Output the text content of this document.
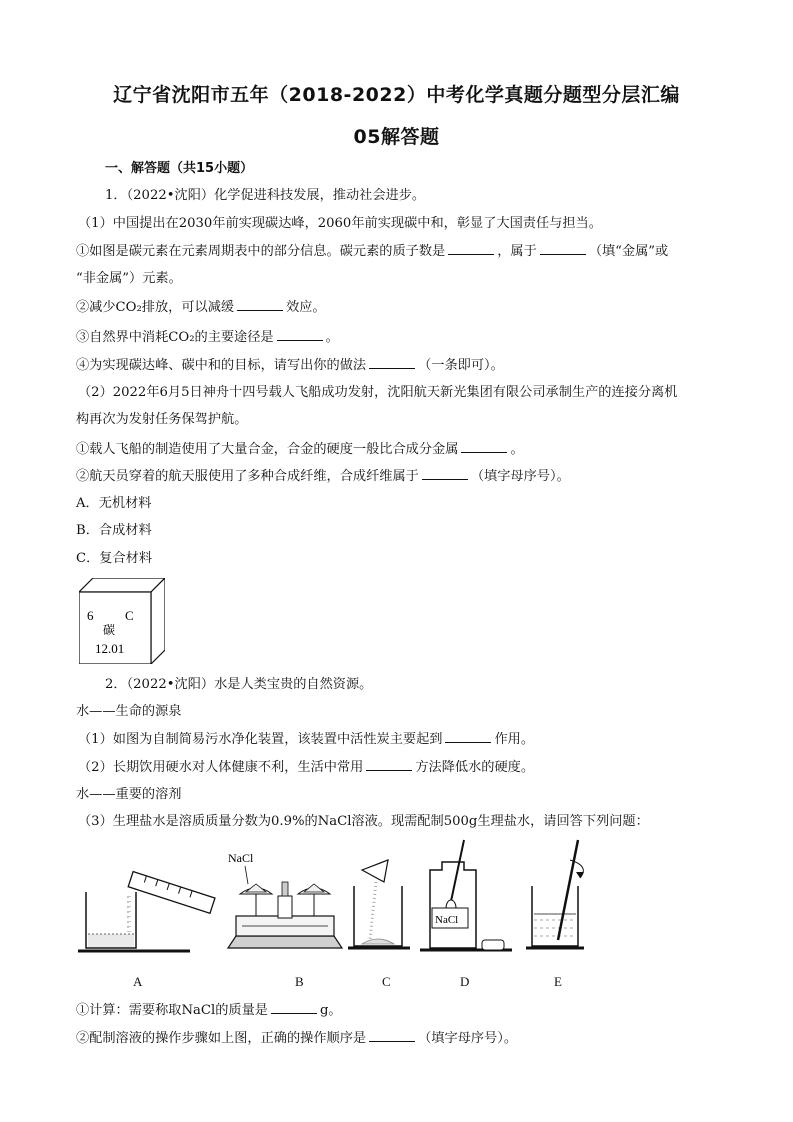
辽宁省沈阳市五年（2018-2022）中考化学真题分题型分层汇编
05解答题
一、解答题（共15小题）
1．（2022•沈阳）化学促进科技发展，推动社会进步。
（1）中国提出在2030年前实现碳达峰，2060年前实现碳中和，彰显了大国责任与担当。
①如图是碳元素在元素周期表中的部分信息。碳元素的质子数是	，属于	（填“金属”或
“非金属”）元素。
②减少CO₂排放，可以减缓	效应。
③自然界中消耗CO₂的主要途径是	。
④为实现碳达峰、碳中和的目标，请写出你的做法	（一条即可）。
（2）2022年6月5日神舟十四号载人飞船成功发射，沈阳航天新光集团有限公司承制生产的连接分离机
构再次为发射任务保驾护航。
①载人飞船的制造使用了大量合金，合金的硬度一般比合成分金属	。
②航天员穿着的航天服使用了多种合成纤维，合成纤维属于	（填字母序号）。
A．无机材料
B．合成材料
C．复合材料
6 C
碳
12.01
2．（2022•沈阳）水是人类宝贵的自然资源。
水——生命的源泉
（1）如图为自制简易污水净化装置，该装置中活性炭主要起到	作用。
（2）长期饮用硬水对人体健康不利，生活中常用	方法降低水的硬度。
水——重要的溶剂
（3）生理盐水是溶质质量分数为0.9%的NaCl溶液。现需配制500g生理盐水，请回答下列问题：
NaCl
NaCl
A	B	C	D	E
①计算：需要称取NaCl的质量是	g。
②配制溶液的操作步骤如上图，正确的操作顺序是	（填字母序号）。
